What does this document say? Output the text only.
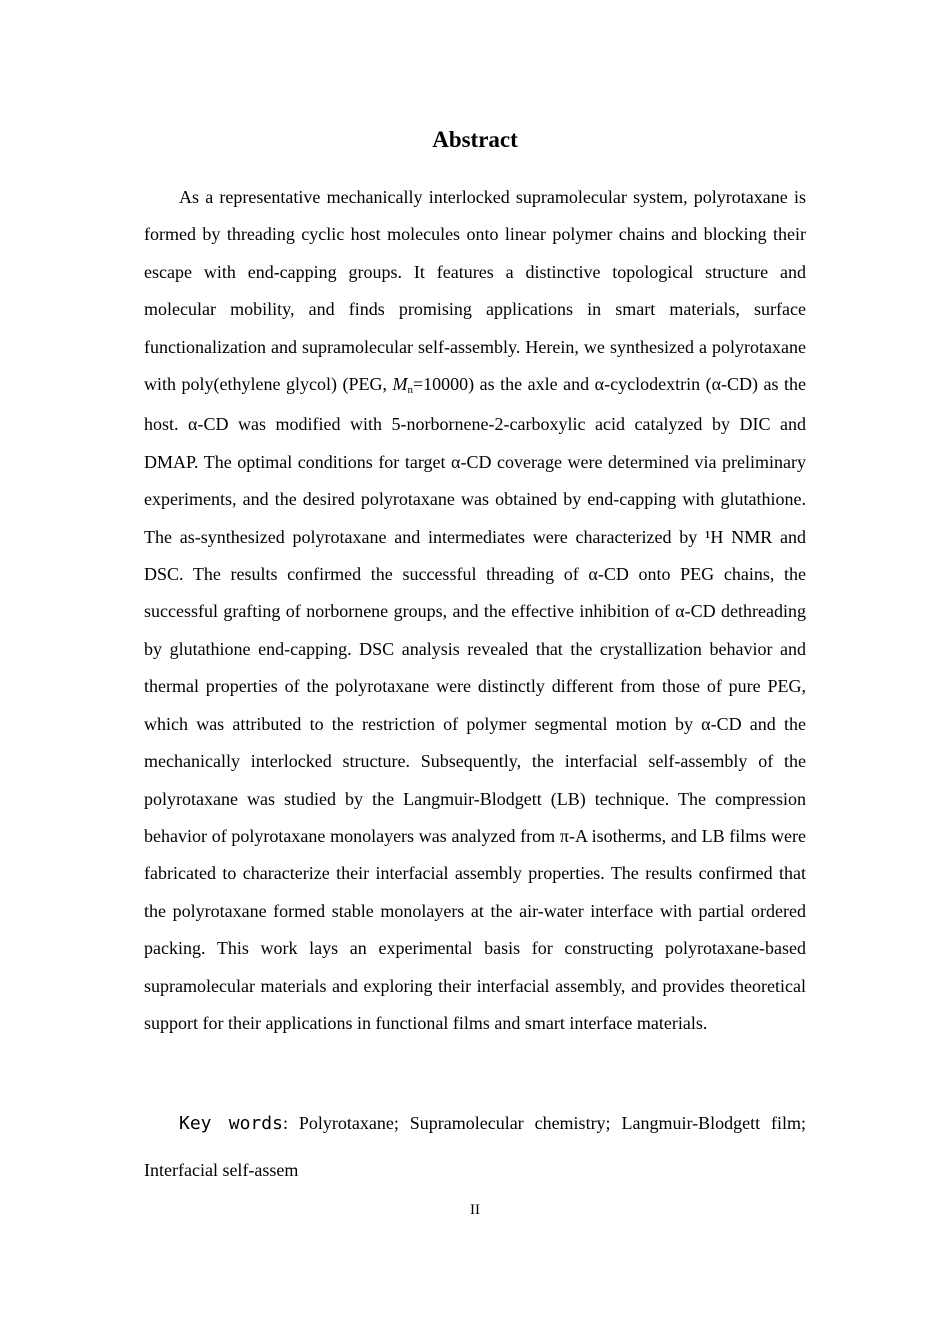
Abstract

As a representative mechanically interlocked supramolecular system, polyrotaxane is formed by threading cyclic host molecules onto linear polymer chains and blocking their escape with end-capping groups. It features a distinctive topological structure and molecular mobility, and finds promising applications in smart materials, surface functionalization and supramolecular self-assembly. Herein, we synthesized a polyrotaxane with poly(ethylene glycol) (PEG, Mn=10000) as the axle and α-cyclodextrin (α-CD) as the host. α-CD was modified with 5-norbornene-2-carboxylic acid catalyzed by DIC and DMAP. The optimal conditions for target α-CD coverage were determined via preliminary experiments, and the desired polyrotaxane was obtained by end-capping with glutathione. The as-synthesized polyrotaxane and intermediates were characterized by ¹H NMR and DSC. The results confirmed the successful threading of α-CD onto PEG chains, the successful grafting of norbornene groups, and the effective inhibition of α-CD dethreading by glutathione end-capping. DSC analysis revealed that the crystallization behavior and thermal properties of the polyrotaxane were distinctly different from those of pure PEG, which was attributed to the restriction of polymer segmental motion by α-CD and the mechanically interlocked structure. Subsequently, the interfacial self-assembly of the polyrotaxane was studied by the Langmuir-Blodgett (LB) technique. The compression behavior of polyrotaxane monolayers was analyzed from π-A isotherms, and LB films were fabricated to characterize their interfacial assembly properties. The results confirmed that the polyrotaxane formed stable monolayers at the air-water interface with partial ordered packing. This work lays an experimental basis for constructing polyrotaxane-based supramolecular materials and exploring their interfacial assembly, and provides theoretical support for their applications in functional films and smart interface materials.

Key words: Polyrotaxane; Supramolecular chemistry; Langmuir-Blodgett film; Interfacial self-assem

II
